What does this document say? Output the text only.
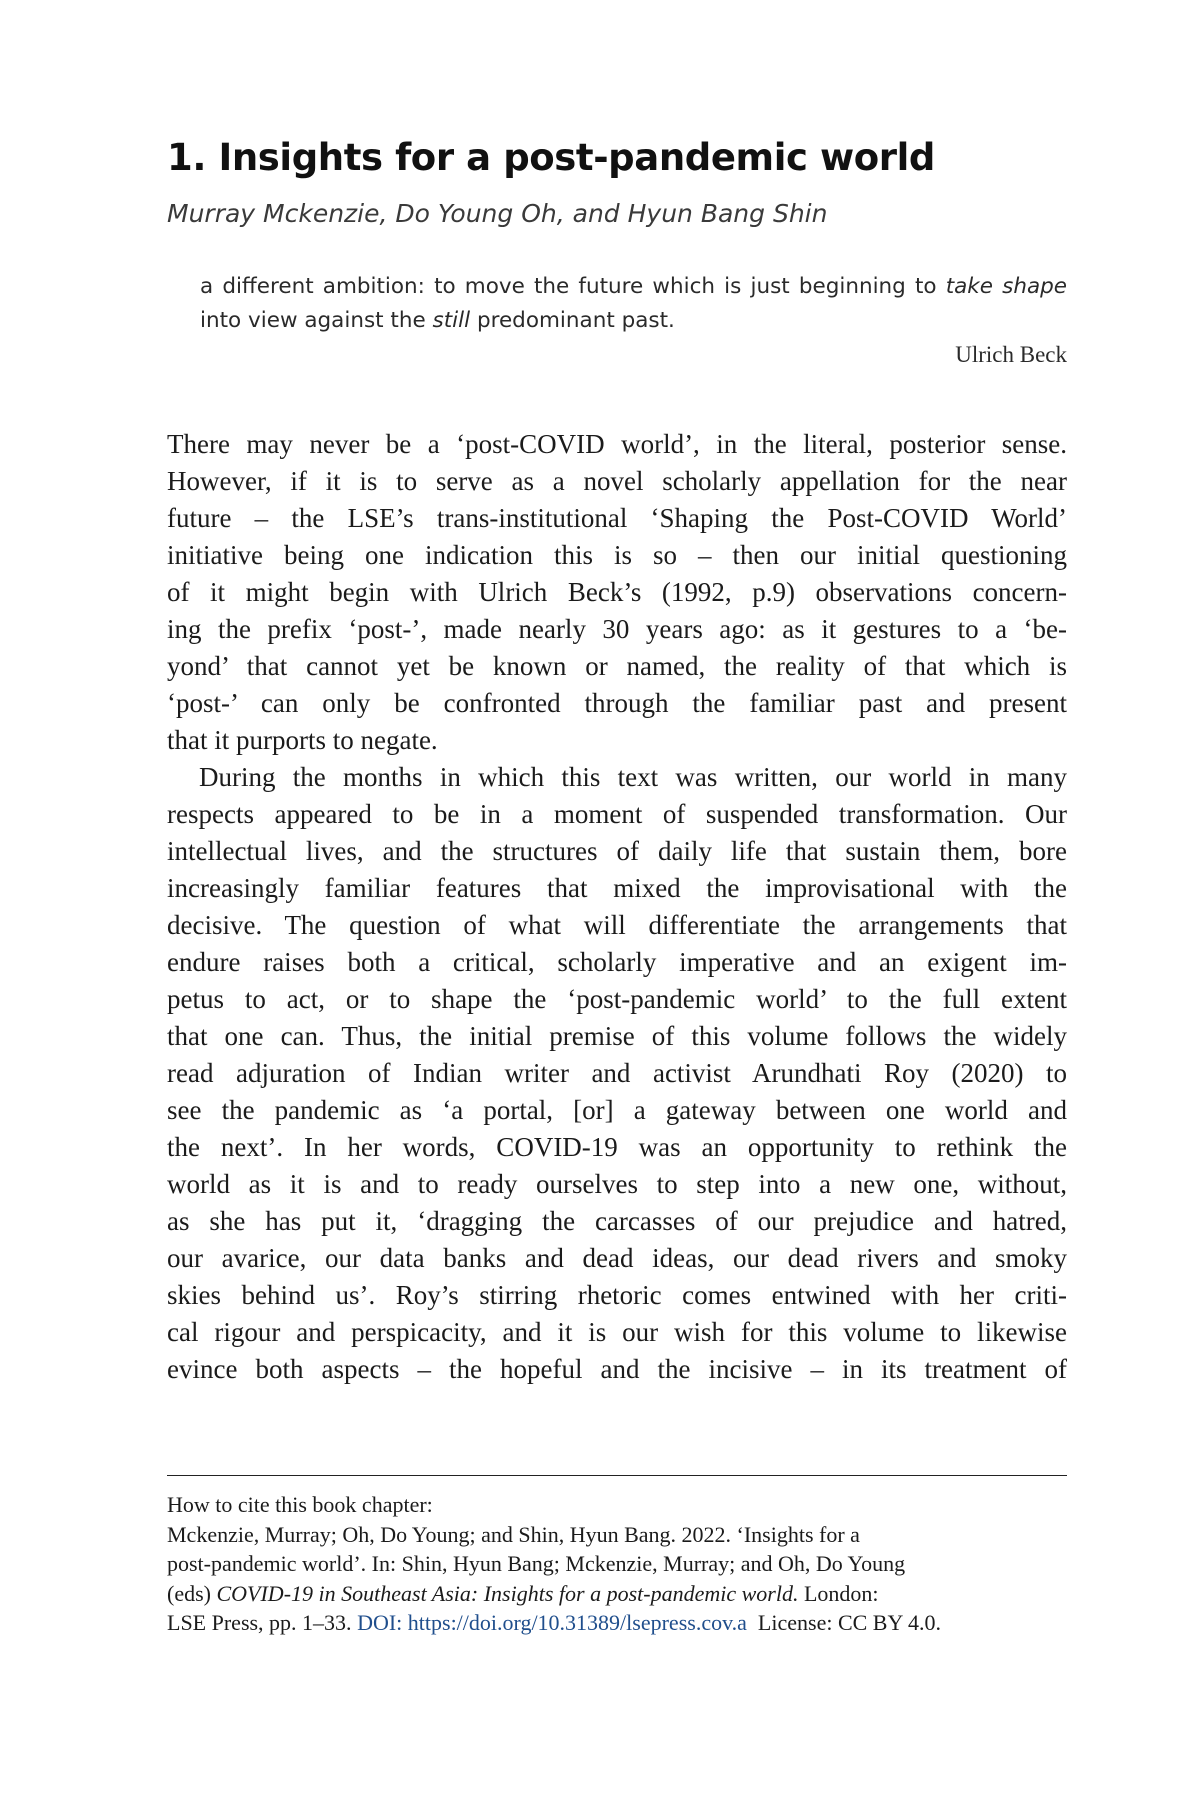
1. Insights for a post-pandemic world

Murray Mckenzie, Do Young Oh, and Hyun Bang Shin

a different ambition: to move the future which is just beginning to take shape into view against the still predominant past.

Ulrich Beck

There may never be a ‘post-COVID world’, in the literal, posterior sense.
However, if it is to serve as a novel scholarly appellation for the near
future – the LSE’s trans-institutional ‘Shaping the Post-COVID World’
initiative being one indication this is so – then our initial questioning
of it might begin with Ulrich Beck’s (1992, p.9) observations concern-
ing the prefix ‘post-’, made nearly 30 years ago: as it gestures to a ‘be-
yond’ that cannot yet be known or named, the reality of that which is
‘post-’ can only be confronted through the familiar past and present
that it purports to negate.
During the months in which this text was written, our world in many
respects appeared to be in a moment of suspended transformation. Our
intellectual lives, and the structures of daily life that sustain them, bore
increasingly familiar features that mixed the improvisational with the
decisive. The question of what will differentiate the arrangements that
endure raises both a critical, scholarly imperative and an exigent im-
petus to act, or to shape the ‘post-pandemic world’ to the full extent
that one can. Thus, the initial premise of this volume follows the widely
read adjuration of Indian writer and activist Arundhati Roy (2020) to
see the pandemic as ‘a portal, [or] a gateway between one world and
the next’. In her words, COVID-19 was an opportunity to rethink the
world as it is and to ready ourselves to step into a new one, without,
as she has put it, ‘dragging the carcasses of our prejudice and hatred,
our avarice, our data banks and dead ideas, our dead rivers and smoky
skies behind us’. Roy’s stirring rhetoric comes entwined with her criti-
cal rigour and perspicacity, and it is our wish for this volume to likewise
evince both aspects – the hopeful and the incisive – in its treatment of
How to cite this book chapter:
Mckenzie, Murray; Oh, Do Young; and Shin, Hyun Bang. 2022. ‘Insights for a
post-pandemic world’. In: Shin, Hyun Bang; Mckenzie, Murray; and Oh, Do Young
(eds) COVID-19 in Southeast Asia: Insights for a post-pandemic world. London:
LSE Press, pp. 1–33. DOI: https://doi.org/10.31389/lsepress.cov.a  License: CC BY 4.0.
